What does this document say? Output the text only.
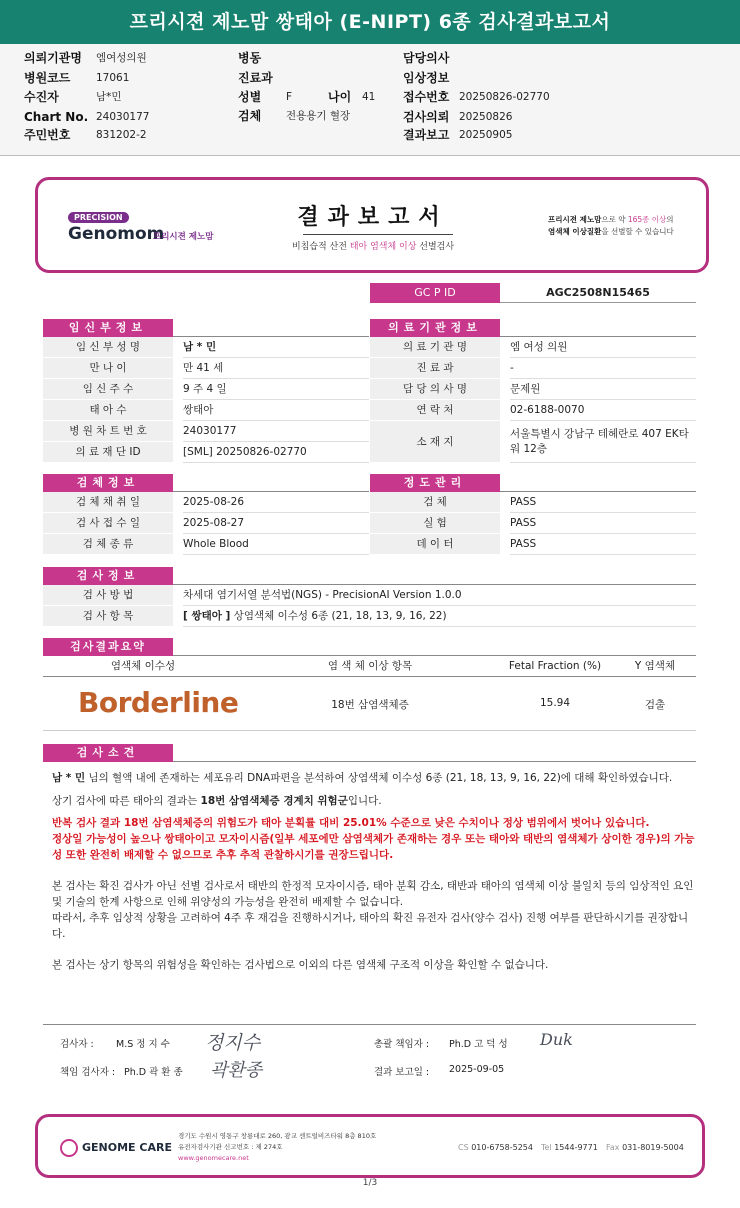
프리시젼 제노맘 쌍태아 (E-NIPT) 6종 검사결과보고서
의뢰기관명 엠여성의원
병원코드 17061
수진자	남*민
Chart No. 24030177
주민번호 831202-2
병동
진료과
성별 F	나이 41
검체 전용용기 혈장
담당의사
임상정보
접수번호 20250826-02770
검사의뢰 20250826
결과보고 20250905
PRECISION
Genomom
프리시젼 제노맘
결과보고서
비침습적 산전 태아 염색체 이상 선별검사
프리시젼 제노맘으로 약 165종 이상의
염색체 이상질환을 선별할 수 있습니다
GC P ID	AGC2508N15465
임신부정보
임 신 부 성 명	남 * 민
만 나 이	만 41 세
임 신 주 수	9 주 4 일
태 아 수	쌍태아
병 원 차 트 번 호	24030177
의 료 재 단 ID	[SML] 20250826-02770
의료기관정보
의 료 기 관 명	엠 여성 의원
진 료 과	-
담 당 의 사 명	문제원
연 락 처	02-6188-0070
소 재 지
서울특별시 강남구 테헤란로 407 EK타
워 12층
검체정보
검 체 채 취 일	2025-08-26
검 사 접 수 일	2025-08-27
검 체 종 류	Whole Blood
정도관리
검 체	PASS
실 험	PASS
데 이 터	PASS
검사정보
검 사 방 법	차세대 염기서열 분석법(NGS) - PrecisionAI Version 1.0.0
검 사 항 목	[ 쌍태아 ] 상염색체 이수성 6종 (21, 18, 13, 9, 16, 22)
검사결과요약
염색체 이수성	염 색 체 이상 항목	Fetal Fraction (%)	Y 염색체
Borderline	18번 삼염색체증	15.94	검출
검사소견
남 * 민 님의 혈액 내에 존재하는 세포유리 DNA파편을 분석하여 상염색체 이수성 6종 (21, 18, 13, 9, 16, 22)에 대해 확인하였습니다.
상기 검사에 따른 태아의 결과는 18번 삼염색체증 경계치 위험군입니다.
반복 검사 결과 18번 삼염색체증의 위험도가 태아 분획률 대비 25.01% 수준으로 낮은 수치이나 정상 범위에서 벗어나 있습니다.
정상일 가능성이 높으나 쌍태아이고 모자이시즘(일부 세포에만 삼염색체가 존재하는 경우 또는 태아와 태반의 염색체가 상이한 경우)의 가능성 또한 완전히 배제할 수 없으므로 추후 추적 관찰하시기를 권장드립니다.
본 검사는 확진 검사가 아닌 선별 검사로서 태반의 한정적 모자이시즘, 태아 분획 감소, 태반과 태아의 염색체 이상 불일치 등의 임상적인 요인 및 기술의 한계 사항으로 인해 위양성의 가능성을 완전히 배제할 수 없습니다.
따라서, 추후 임상적 상황을 고려하여 4주 후 재검을 진행하시거나, 태아의 확진 유전자 검사(양수 검사) 진행 여부를 판단하시기를 권장합니다.
본 검사는 상기 항목의 위험성을 확인하는 검사법으로 이외의 다른 염색체 구조적 이상을 확인할 수 없습니다.
검사자 : M.S 정 지 수 정지수
책임 검사자 : Ph.D 곽 환 종 곽환종
총괄 책임자 : Ph.D 고 덕 성 Duk
결과 보고일 : 2025-09-05
GENOME CARE
경기도 수원시 영통구 창룡대로 260, 광교 센트럴비즈타워 8층 810호
유전자검사기관 신고번호 : 제 274호
www.genomecare.net
CS 010-6758-5254 Tel 1544-9771 Fax 031-8019-5004
1/3
